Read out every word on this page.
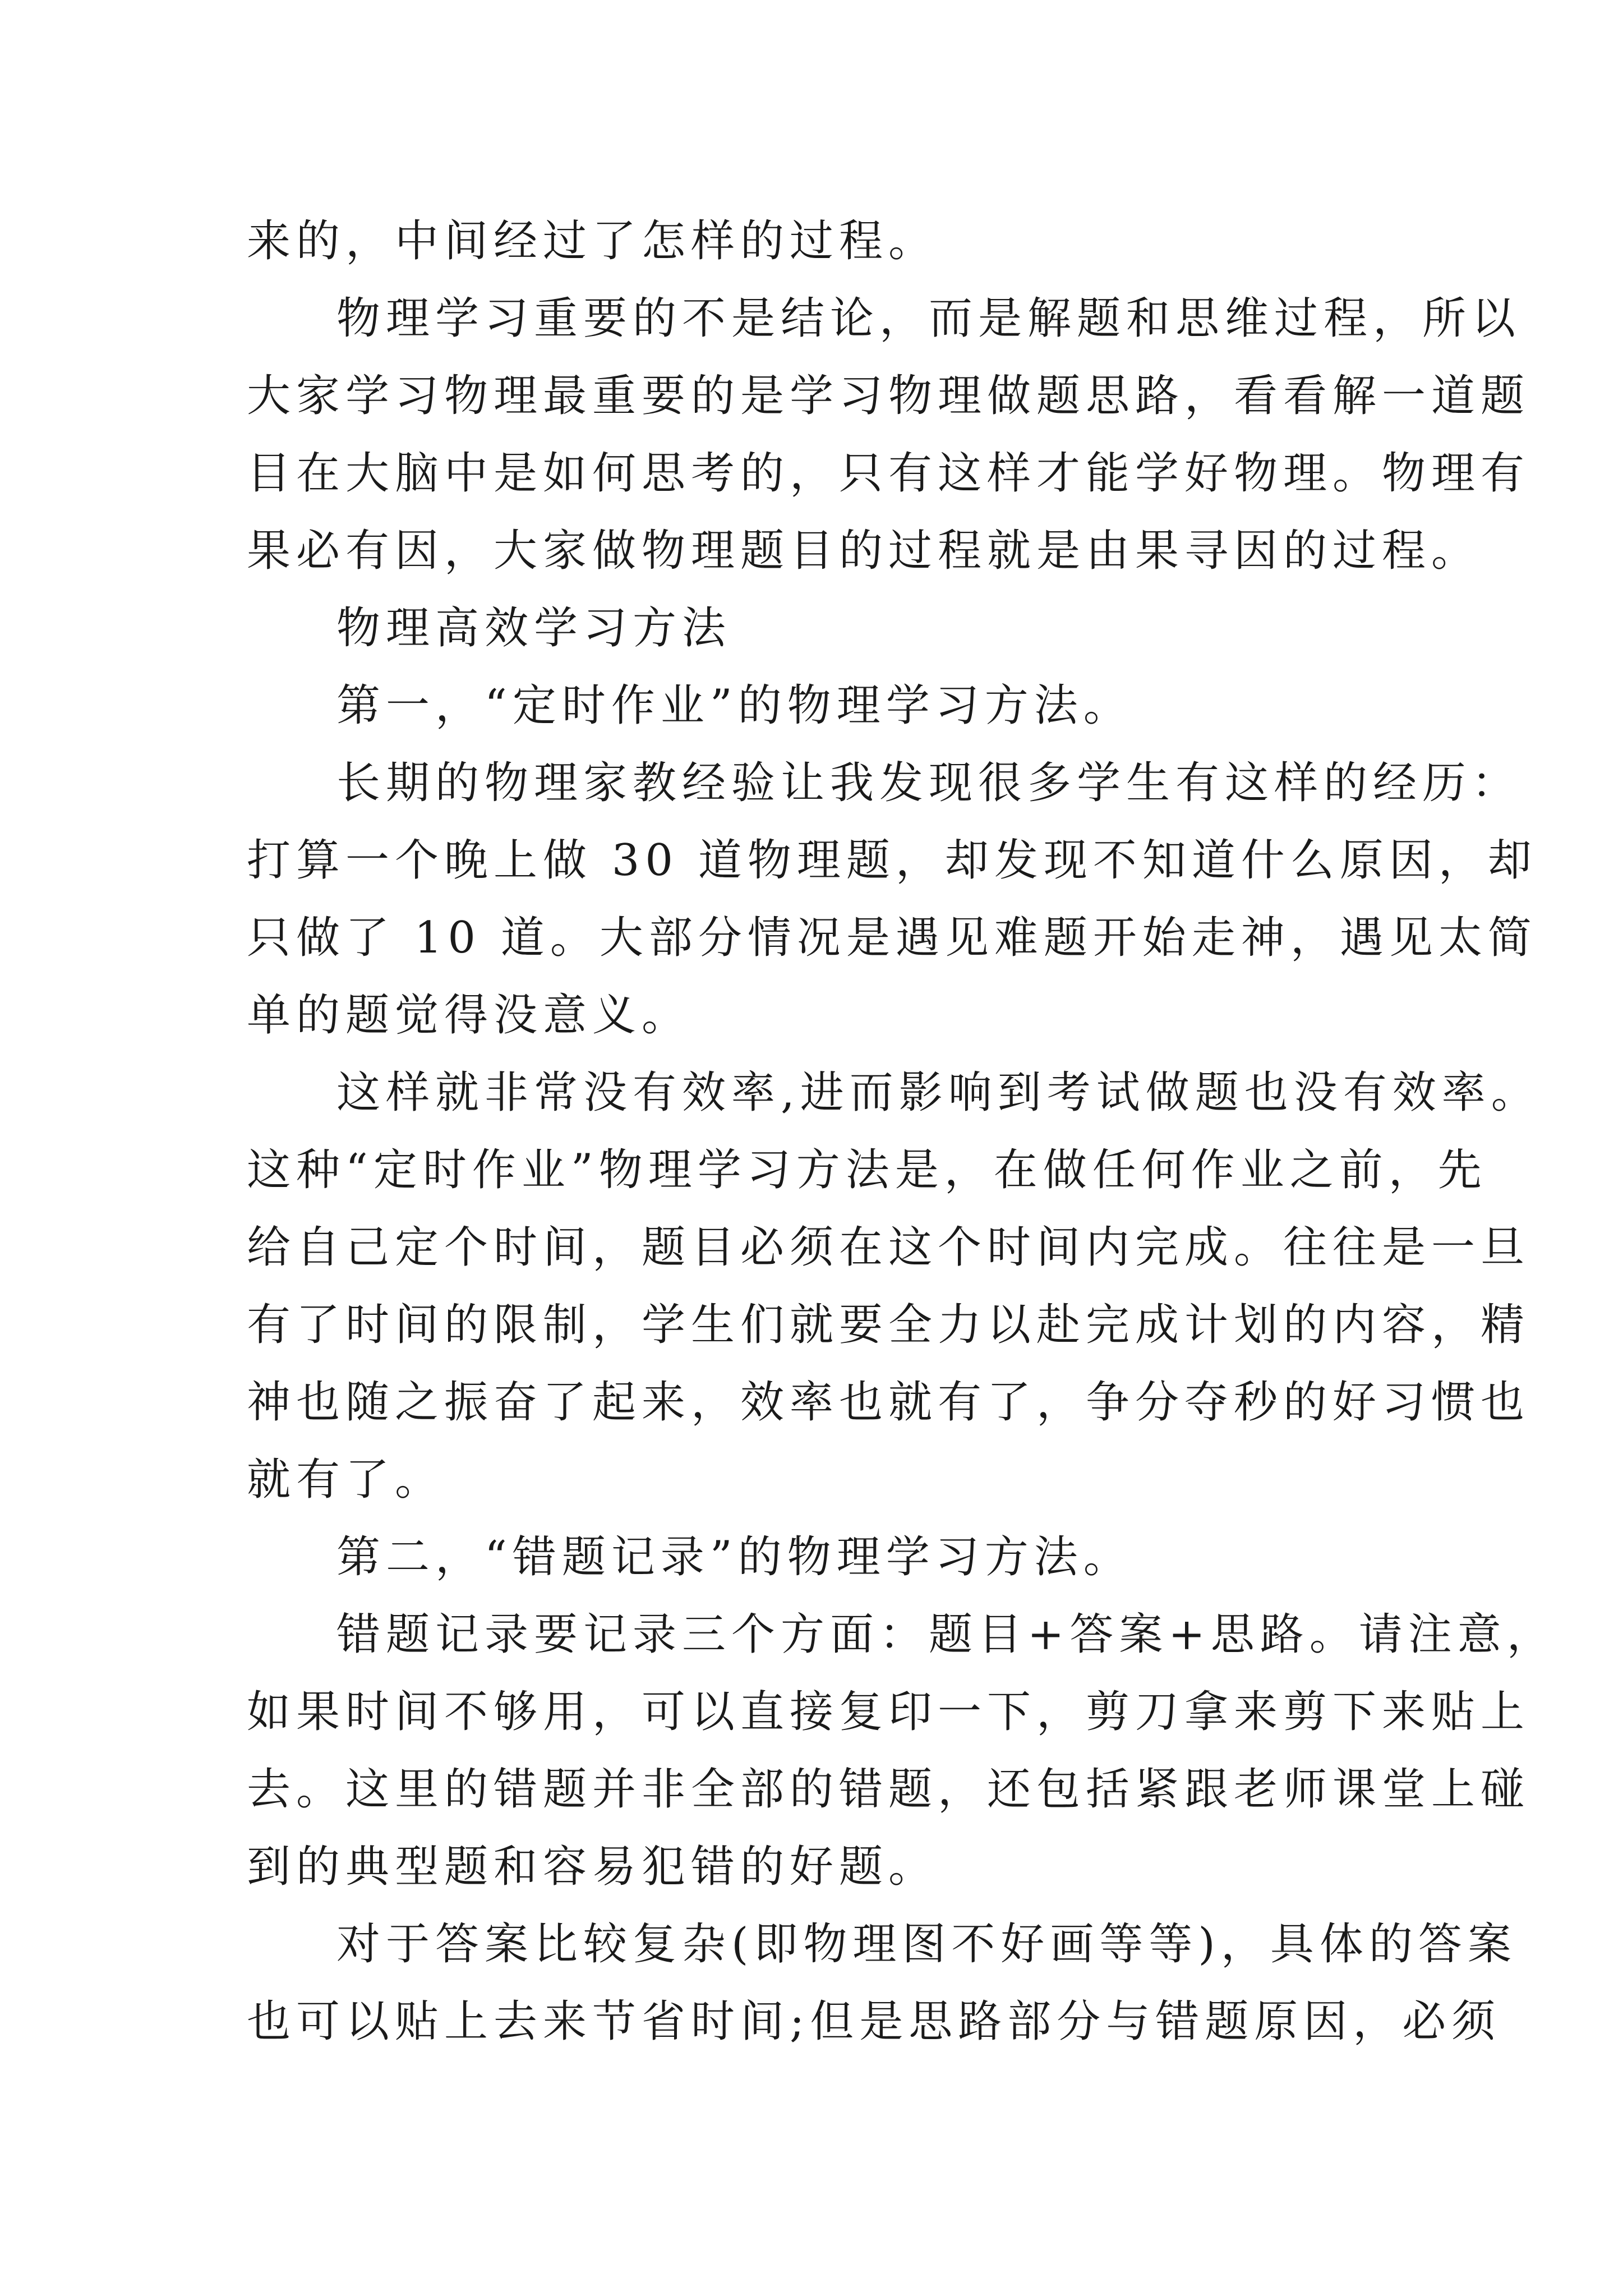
来的，中间经过了怎样的过程。
物理学习重要的不是结论，而是解题和思维过程，所以
大家学习物理最重要的是学习物理做题思路，看看解一道题
目在大脑中是如何思考的，只有这样才能学好物理。物理有
果必有因，大家做物理题目的过程就是由果寻因的过程。
物理高效学习方法
第一，“定时作业”的物理学习方法。
长期的物理家教经验让我发现很多学生有这样的经历：
打算一个晚上做 30 道物理题，却发现不知道什么原因，却
只做了 10 道。大部分情况是遇见难题开始走神，遇见太简
单的题觉得没意义。
这样就非常没有效率,进而影响到考试做题也没有效率。
这种“定时作业”物理学习方法是，在做任何作业之前，先
给自己定个时间，题目必须在这个时间内完成。往往是一旦
有了时间的限制，学生们就要全力以赴完成计划的内容，精
神也随之振奋了起来，效率也就有了，争分夺秒的好习惯也
就有了。
第二，“错题记录”的物理学习方法。
错题记录要记录三个方面：题目+答案+思路。请注意，
如果时间不够用，可以直接复印一下，剪刀拿来剪下来贴上
去。这里的错题并非全部的错题，还包括紧跟老师课堂上碰
到的典型题和容易犯错的好题。
对于答案比较复杂(即物理图不好画等等)，具体的答案
也可以贴上去来节省时间;但是思路部分与错题原因，必须
